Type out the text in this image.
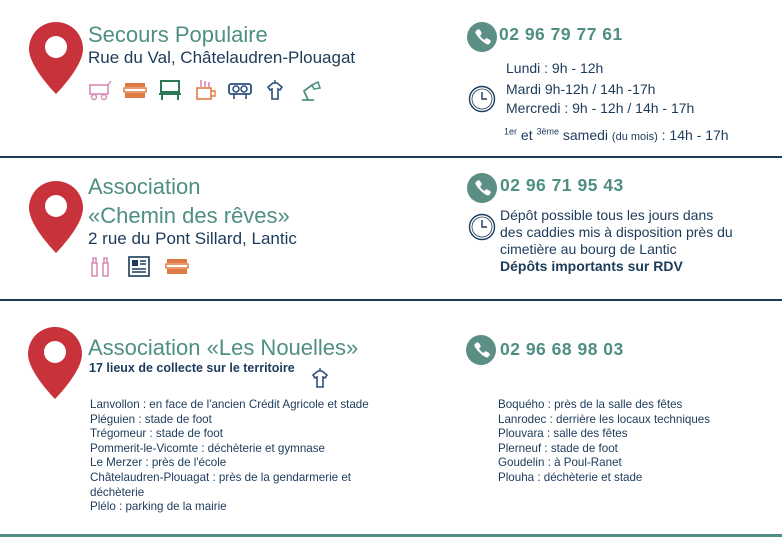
Secours Populaire
Rue du Val, Châtelaudren-Plouagat
02 96 79 77 61
Lundi : 9h - 12h
Mardi 9h-12h / 14h -17h
Mercredi : 9h - 12h / 14h - 17h
$^{1er}$ et $^{3ème}$ samedi (du mois) : 14h - 17h
Association
«Chemin des rêves»
2 rue du Pont Sillard, Lantic
02 96 71 95 43
Dépôt possible tous les jours dans
des caddies mis à disposition près du
cimetière au bourg de Lantic
Dépôts importants sur RDV
Association «Les Nouelles»
17 lieux de collecte sur le territoire
02 96 68 98 03
Lanvollon : en face de l'ancien Crédit Agricole et stade
Pléguien : stade de foot
Trégomeur : stade de foot
Pommerit-le-Vicomte : déchèterie et gymnase
Le Merzer : près de l'école
Châtelaudren-Plouagat : près de la gendarmerie et
déchèterie
Plélo : parking de la mairie
Boquého : près de la salle des fêtes
Lanrodec : derrière les locaux techniques
Plouvara : salle des fêtes
Plerneuf : stade de foot
Goudelin : à Poul-Ranet
Plouha : déchèterie et stade
